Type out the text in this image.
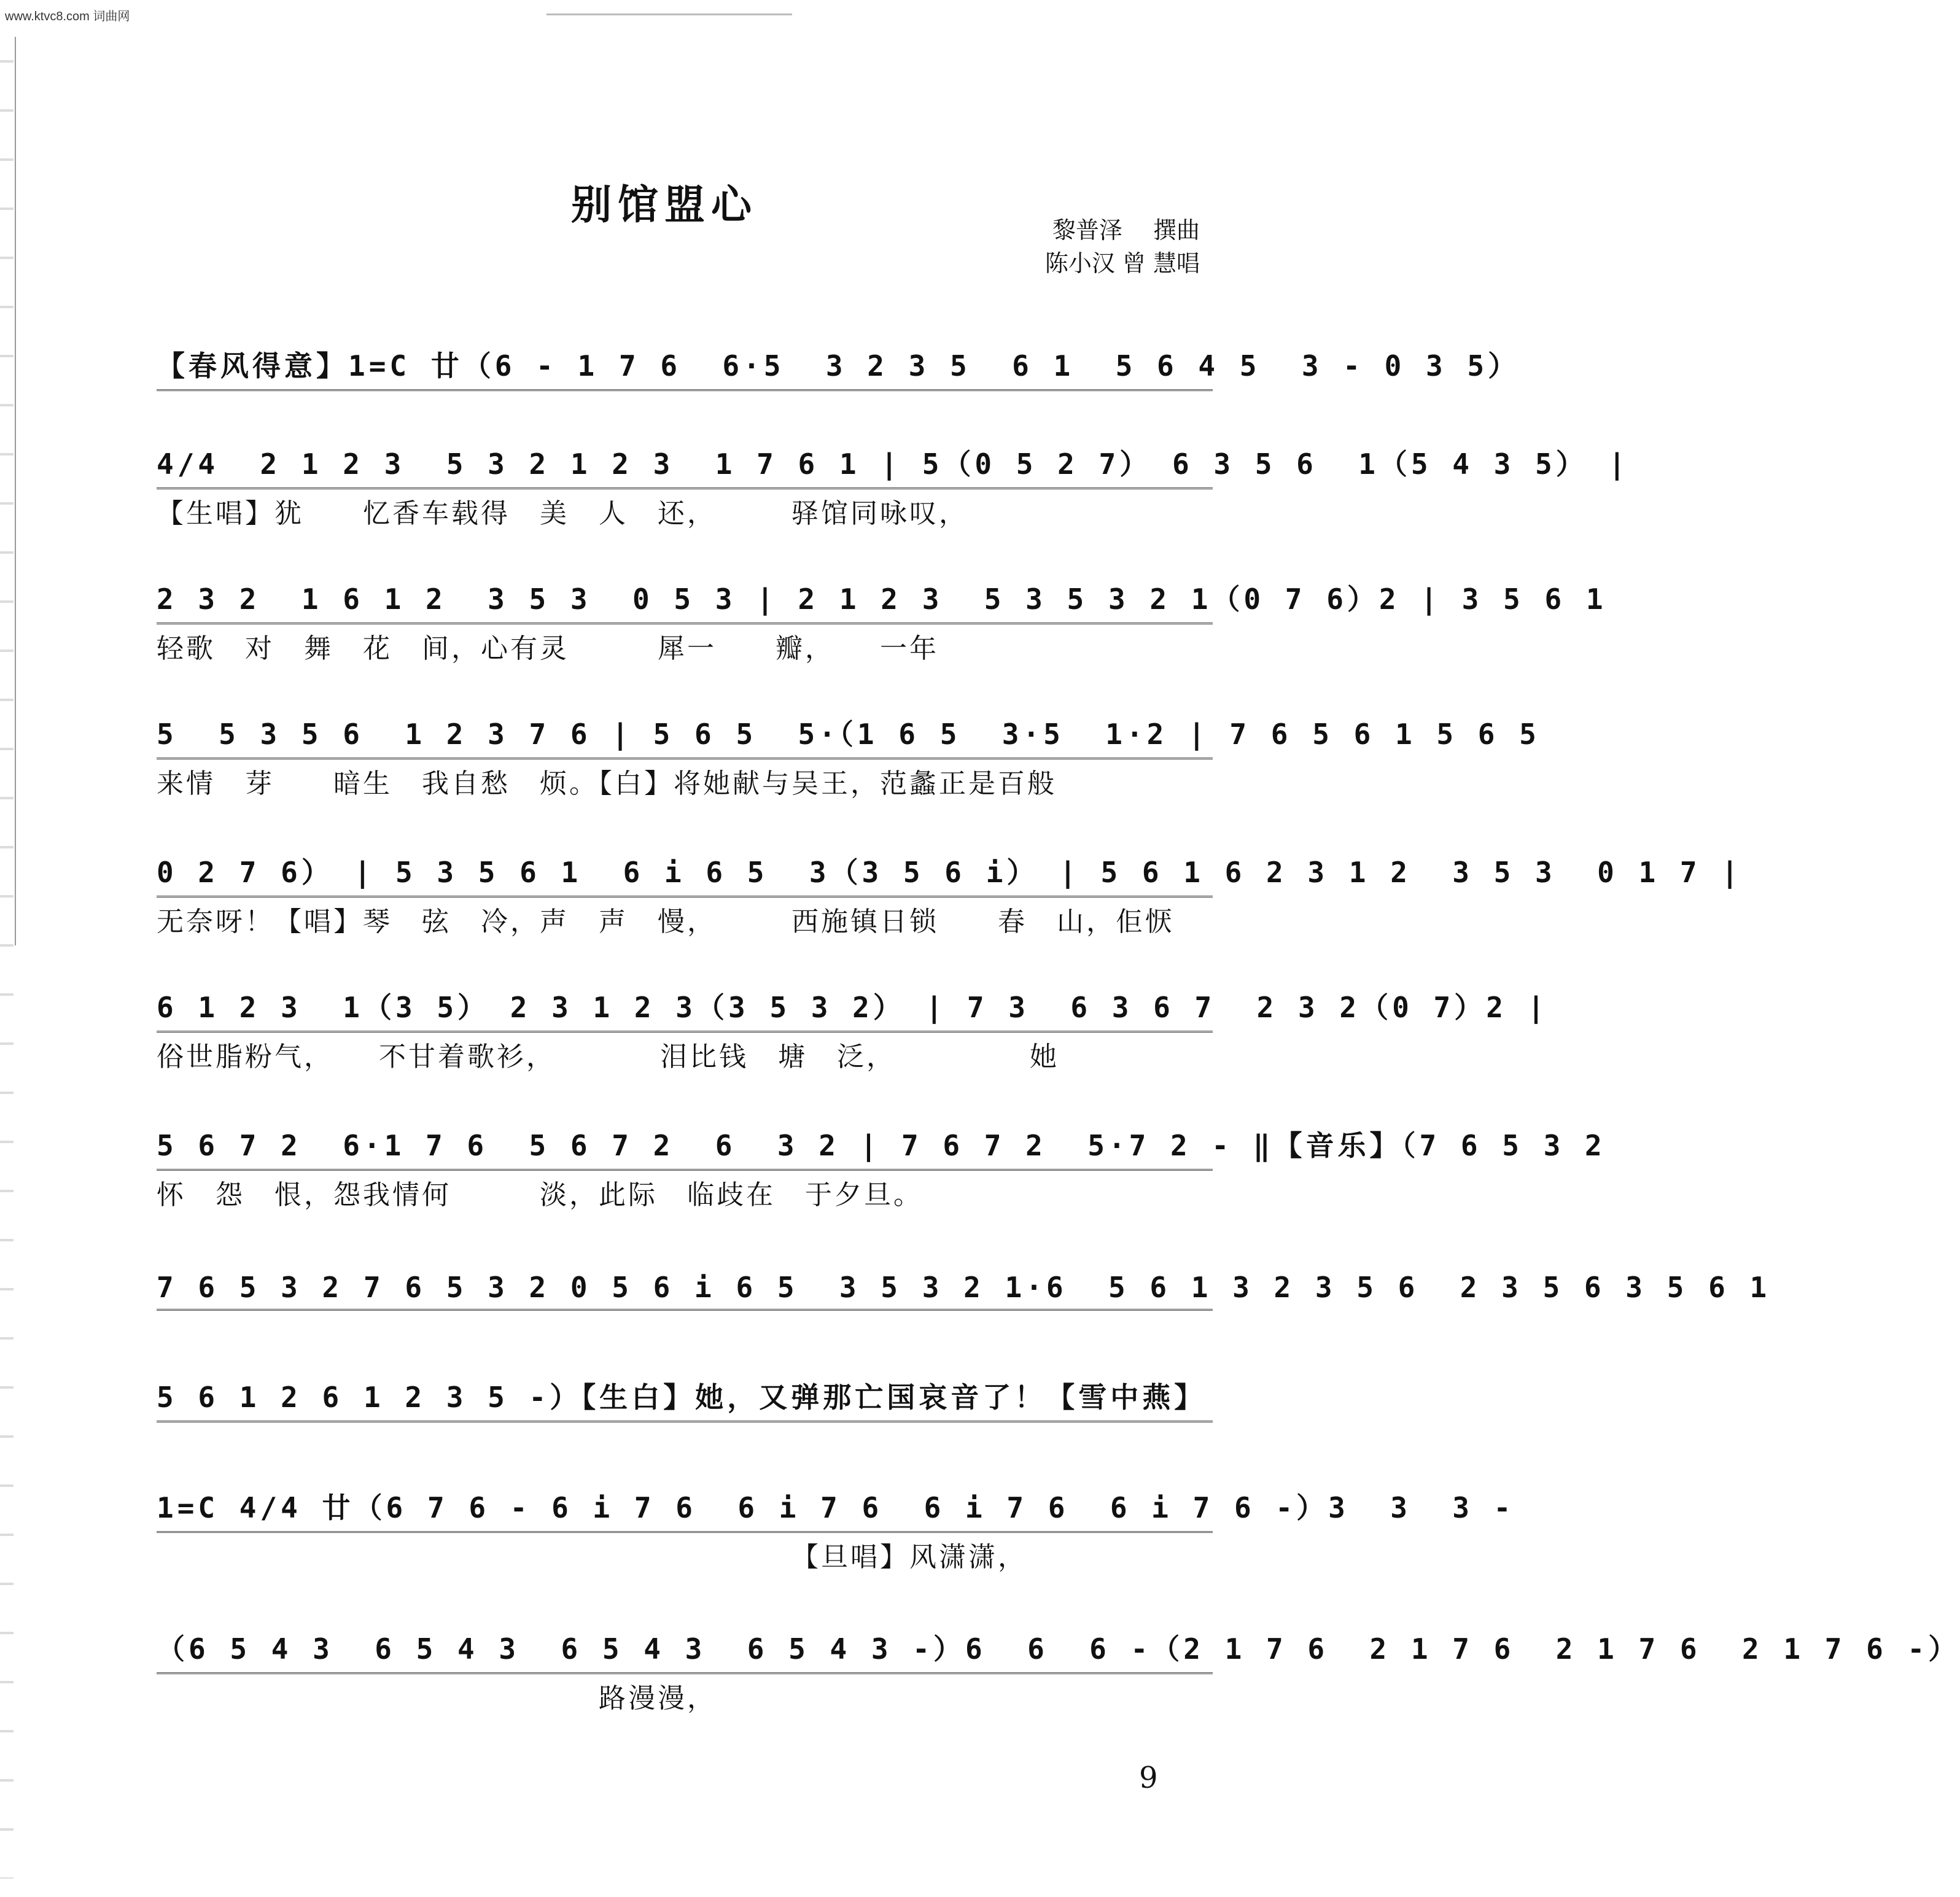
www.ktvc8.com 词曲网
别馆盟心
黎普泽　 撰曲
陈小汉 曾 慧唱
【春风得意】1=C 廿（6 - 1 7 6  6·5  3 2 3 5  6 1  5 6 4 5  3 - 0 3 5）
4/4  2 1 2 3  5 3 2 1 2 3  1 7 6 1 | 5（0 5 2 7） 6 3 5 6  1（5 4 3 5） |
【生唱】犹　　忆香车载得　美　人　还，　　　驿馆同咏叹，
2 3 2  1 6 1 2  3 5 3  0 5 3 | 2 1 2 3  5 3 5 3 2 1（0 7 6）2 | 3 5 6 1
轻歌　对　舞　花　间，心有灵　　　犀一　　瓣，　　一年
5  5 3 5 6  1 2 3 7 6 | 5 6 5  5·（1 6 5  3·5  1·2 | 7 6 5 6 1 5 6 5
来情　芽　　暗生　我自愁　烦。【白】将她献与吴王，范蠡正是百般
0 2 7 6） | 5 3 5 6 1  6 i 6 5  3（3 5 6 i） | 5 6 1 6 2 3 1 2  3 5 3  0 1 7 |
无奈呀！【唱】琴　弦　冷，声　声　慢，　　　西施镇日锁　　春　山，佢恹
6 1 2 3  1（3 5） 2 3 1 2 3（3 5 3 2） | 7 3  6 3 6 7  2 3 2（0 7）2 |
俗世脂粉气，　　不甘着歌衫，　　　　泪比钱　塘　泛，　　　　　她
5 6 7 2  6·1 7 6  5 6 7 2  6  3 2 | 7 6 7 2  5·7 2 - ‖【音乐】（7 6 5 3 2
怀　怨　恨，怨我情何　　　淡，此际　临歧在　于夕旦。
7 6 5 3 2 7 6 5 3 2 0 5 6 i 6 5  3 5 3 2 1·6  5 6 1 3 2 3 5 6  2 3 5 6 3 5 6 1
5 6 1 2 6 1 2 3 5 -）【生白】她，又弹那亡国哀音了！【雪中燕】
1=C 4/4 廿（6 7 6 - 6 i 7 6  6 i 7 6  6 i 7 6  6 i 7 6 -）3  3  3 -
　　　　　　　　　　　　　　　　　　　　　　【旦唱】风潇潇，
（6 5 4 3  6 5 4 3  6 5 4 3  6 5 4 3 -）6  6  6 -（2 1 7 6  2 1 7 6  2 1 7 6  2 1 7 6 -）
　　　　　　　　　　　　　　　路漫漫，
9
